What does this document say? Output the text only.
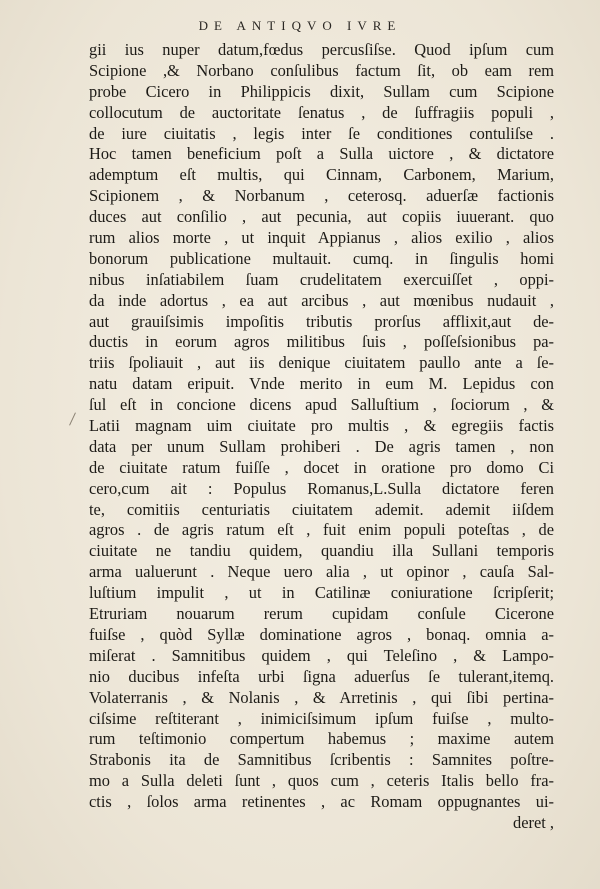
DE ANTIQVO IVRE
gii ius nuper datum,fœdus percusſiſse. Quod ipſum cum
Scipione ,& Norbano conſulibus factum ſit, ob eam rem
probe Cicero in Philippicis dixit, Sullam cum Scipione
collocutum de auctoritate ſenatus , de ſuffragiis populi ,
de iure ciuitatis , legis inter ſe conditiones contuliſse .
Hoc tamen beneficium poſt a Sulla uictore , & dictatore
ademptum eſt multis, qui Cinnam, Carbonem, Marium,
Scipionem , & Norbanum , ceterosq. aduerſæ factionis
duces aut conſilio , aut pecunia, aut copiis iuuerant. quo
rum alios morte , ut inquit Appianus , alios exilio , alios
bonorum publicatione multauit. cumq. in ſingulis homi
nibus inſatiabilem ſuam crudelitatem exercuiſſet , oppi-
da inde adortus , ea aut arcibus , aut mœnibus nudauit ,
aut grauiſsimis impoſitis tributis prorſus afflixit,aut de-
ductis in eorum agros militibus ſuis , poſſeſsionibus pa-
triis ſpoliauit , aut iis denique ciuitatem paullo ante a ſe-
natu datam eripuit. Vnde merito in eum M. Lepidus con
ſul eſt in concione dicens apud Salluſtium , ſociorum , &
Latii magnam uim ciuitate pro multis , & egregiis factis
data per unum Sullam prohiberi . De agris tamen , non
de ciuitate ratum fuiſſe , docet in oratione pro domo Ci
cero,cum ait : Populus Romanus,L.Sulla dictatore feren
te, comitiis centuriatis ciuitatem ademit. ademit iiſdem
agros . de agris ratum eſt , fuit enim populi poteſtas , de
ciuitate ne tandiu quidem, quandiu illa Sullani temporis
arma ualuerunt . Neque uero alia , ut opinor , cauſa Sal-
luſtium impulit , ut in Catilinæ coniuratione ſcripſerit;
Etruriam nouarum rerum cupidam conſule Cicerone
fuiſse , quòd Syllæ dominatione agros , bonaq. omnia a-
miſerat . Samnitibus quidem , qui Teleſino , & Lampo-
nio ducibus infeſta urbi ſigna aduerſus ſe tulerant,itemq.
Volaterranis , & Nolanis , & Arretinis , qui ſibi pertina-
ciſsime reſtiterant , inimiciſsimum ipſum fuiſse , multo-
rum teſtimonio compertum habemus ; maxime autem
Strabonis ita de Samnitibus ſcribentis : Samnites poſtre-
mo a Sulla deleti ſunt , quos cum , ceteris Italis bello fra-
ctis , ſolos arma retinentes , ac Romam oppugnantes ui-
deret ,
